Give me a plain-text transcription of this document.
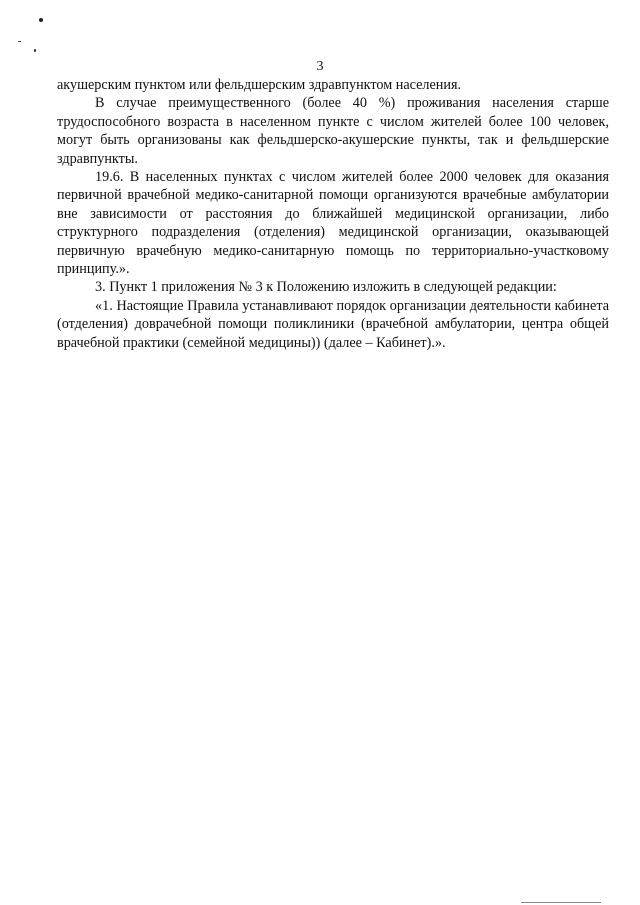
3

акушерским пунктом или фельдшерским здравпунктом населения.

В случае преимущественного (более 40 %) проживания населения старше трудоспособного возраста в населенном пункте с числом жителей более 100 человек, могут быть организованы как фельдшерско-акушерские пункты, так и фельдшерские здравпункты.

19.6. В населенных пунктах с числом жителей более 2000 человек для оказания первичной врачебной медико-санитарной помощи организуются врачебные амбулатории вне зависимости от расстояния до ближайшей медицинской организации, либо структурного подразделения (отделения) медицинской организации, оказывающей первичную врачебную медико-санитарную помощь по территориально-участковому принципу.».

3. Пункт 1 приложения № 3 к Положению изложить в следующей редакции:

«1. Настоящие Правила устанавливают порядок организации деятельности кабинета (отделения) доврачебной помощи поликлиники (врачебной амбулатории, центра общей врачебной практики (семейной медицины)) (далее – Кабинет).».
